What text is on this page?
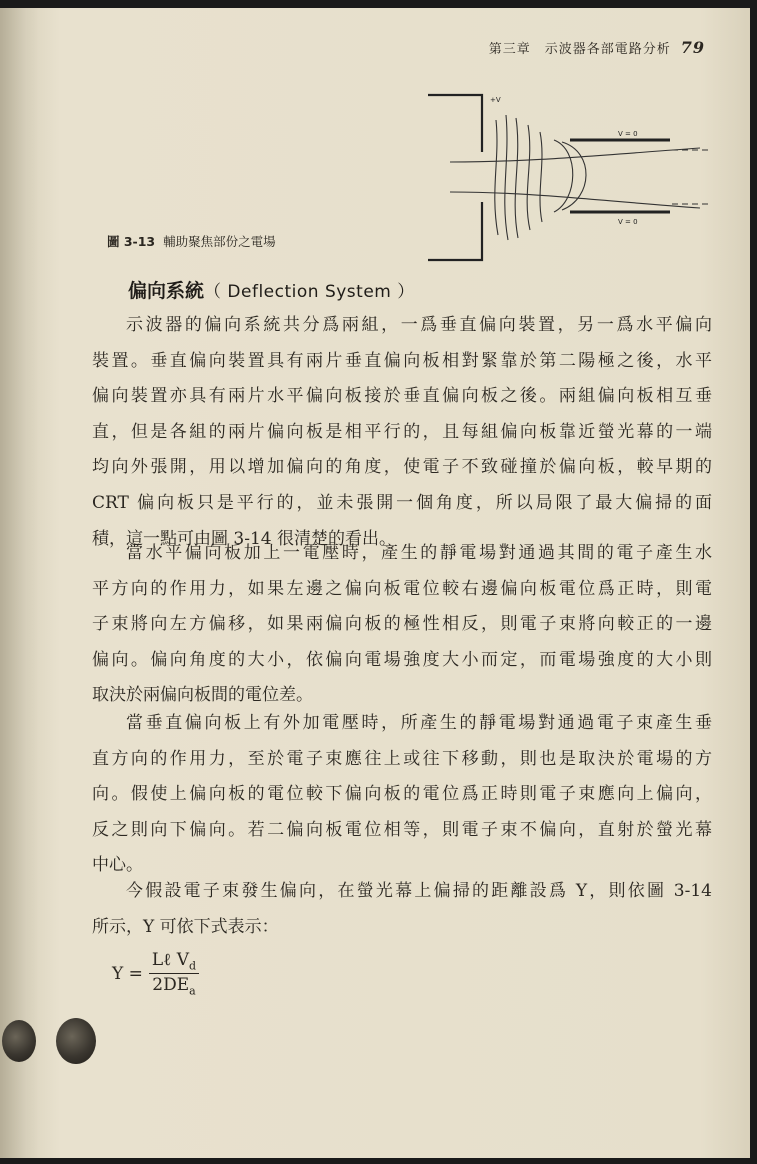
第三章　示波器各部電路分析 79
+V
V = 0
V = 0
圖 3-13 輔助聚焦部份之電場
偏向系統（ Deflection System ）
示波器的偏向系統共分爲兩組，一爲垂直偏向裝置，另一爲水平偏向
裝置。垂直偏向裝置具有兩片垂直偏向板相對緊靠於第二陽極之後，水平
偏向裝置亦具有兩片水平偏向板接於垂直偏向板之後。兩組偏向板相互垂
直，但是各組的兩片偏向板是相平行的，且每組偏向板靠近螢光幕的一端
均向外張開，用以增加偏向的角度，使電子不致碰撞於偏向板，較早期的
CRT 偏向板只是平行的，並未張開一個角度，所以局限了最大偏掃的面
積，這一點可由圖 3-14 很清楚的看出。
當水平偏向板加上一電壓時，產生的靜電場對通過其間的電子產生水
平方向的作用力，如果左邊之偏向板電位較右邊偏向板電位爲正時，則電
子束將向左方偏移，如果兩偏向板的極性相反，則電子束將向較正的一邊
偏向。偏向角度的大小，依偏向電場強度大小而定，而電場強度的大小則
取決於兩偏向板間的電位差。
當垂直偏向板上有外加電壓時，所產生的靜電場對通過電子束產生垂
直方向的作用力，至於電子束應往上或往下移動，則也是取決於電場的方
向。假使上偏向板的電位較下偏向板的電位爲正時則電子束應向上偏向，
反之則向下偏向。若二偏向板電位相等，則電子束不偏向，直射於螢光幕
中心。
今假設電子束發生偏向，在螢光幕上偏掃的距離設爲 Y，則依圖 3-14
所示，Y 可依下式表示：
$Y = \frac{L\ell V_d}{2DE_a}$
